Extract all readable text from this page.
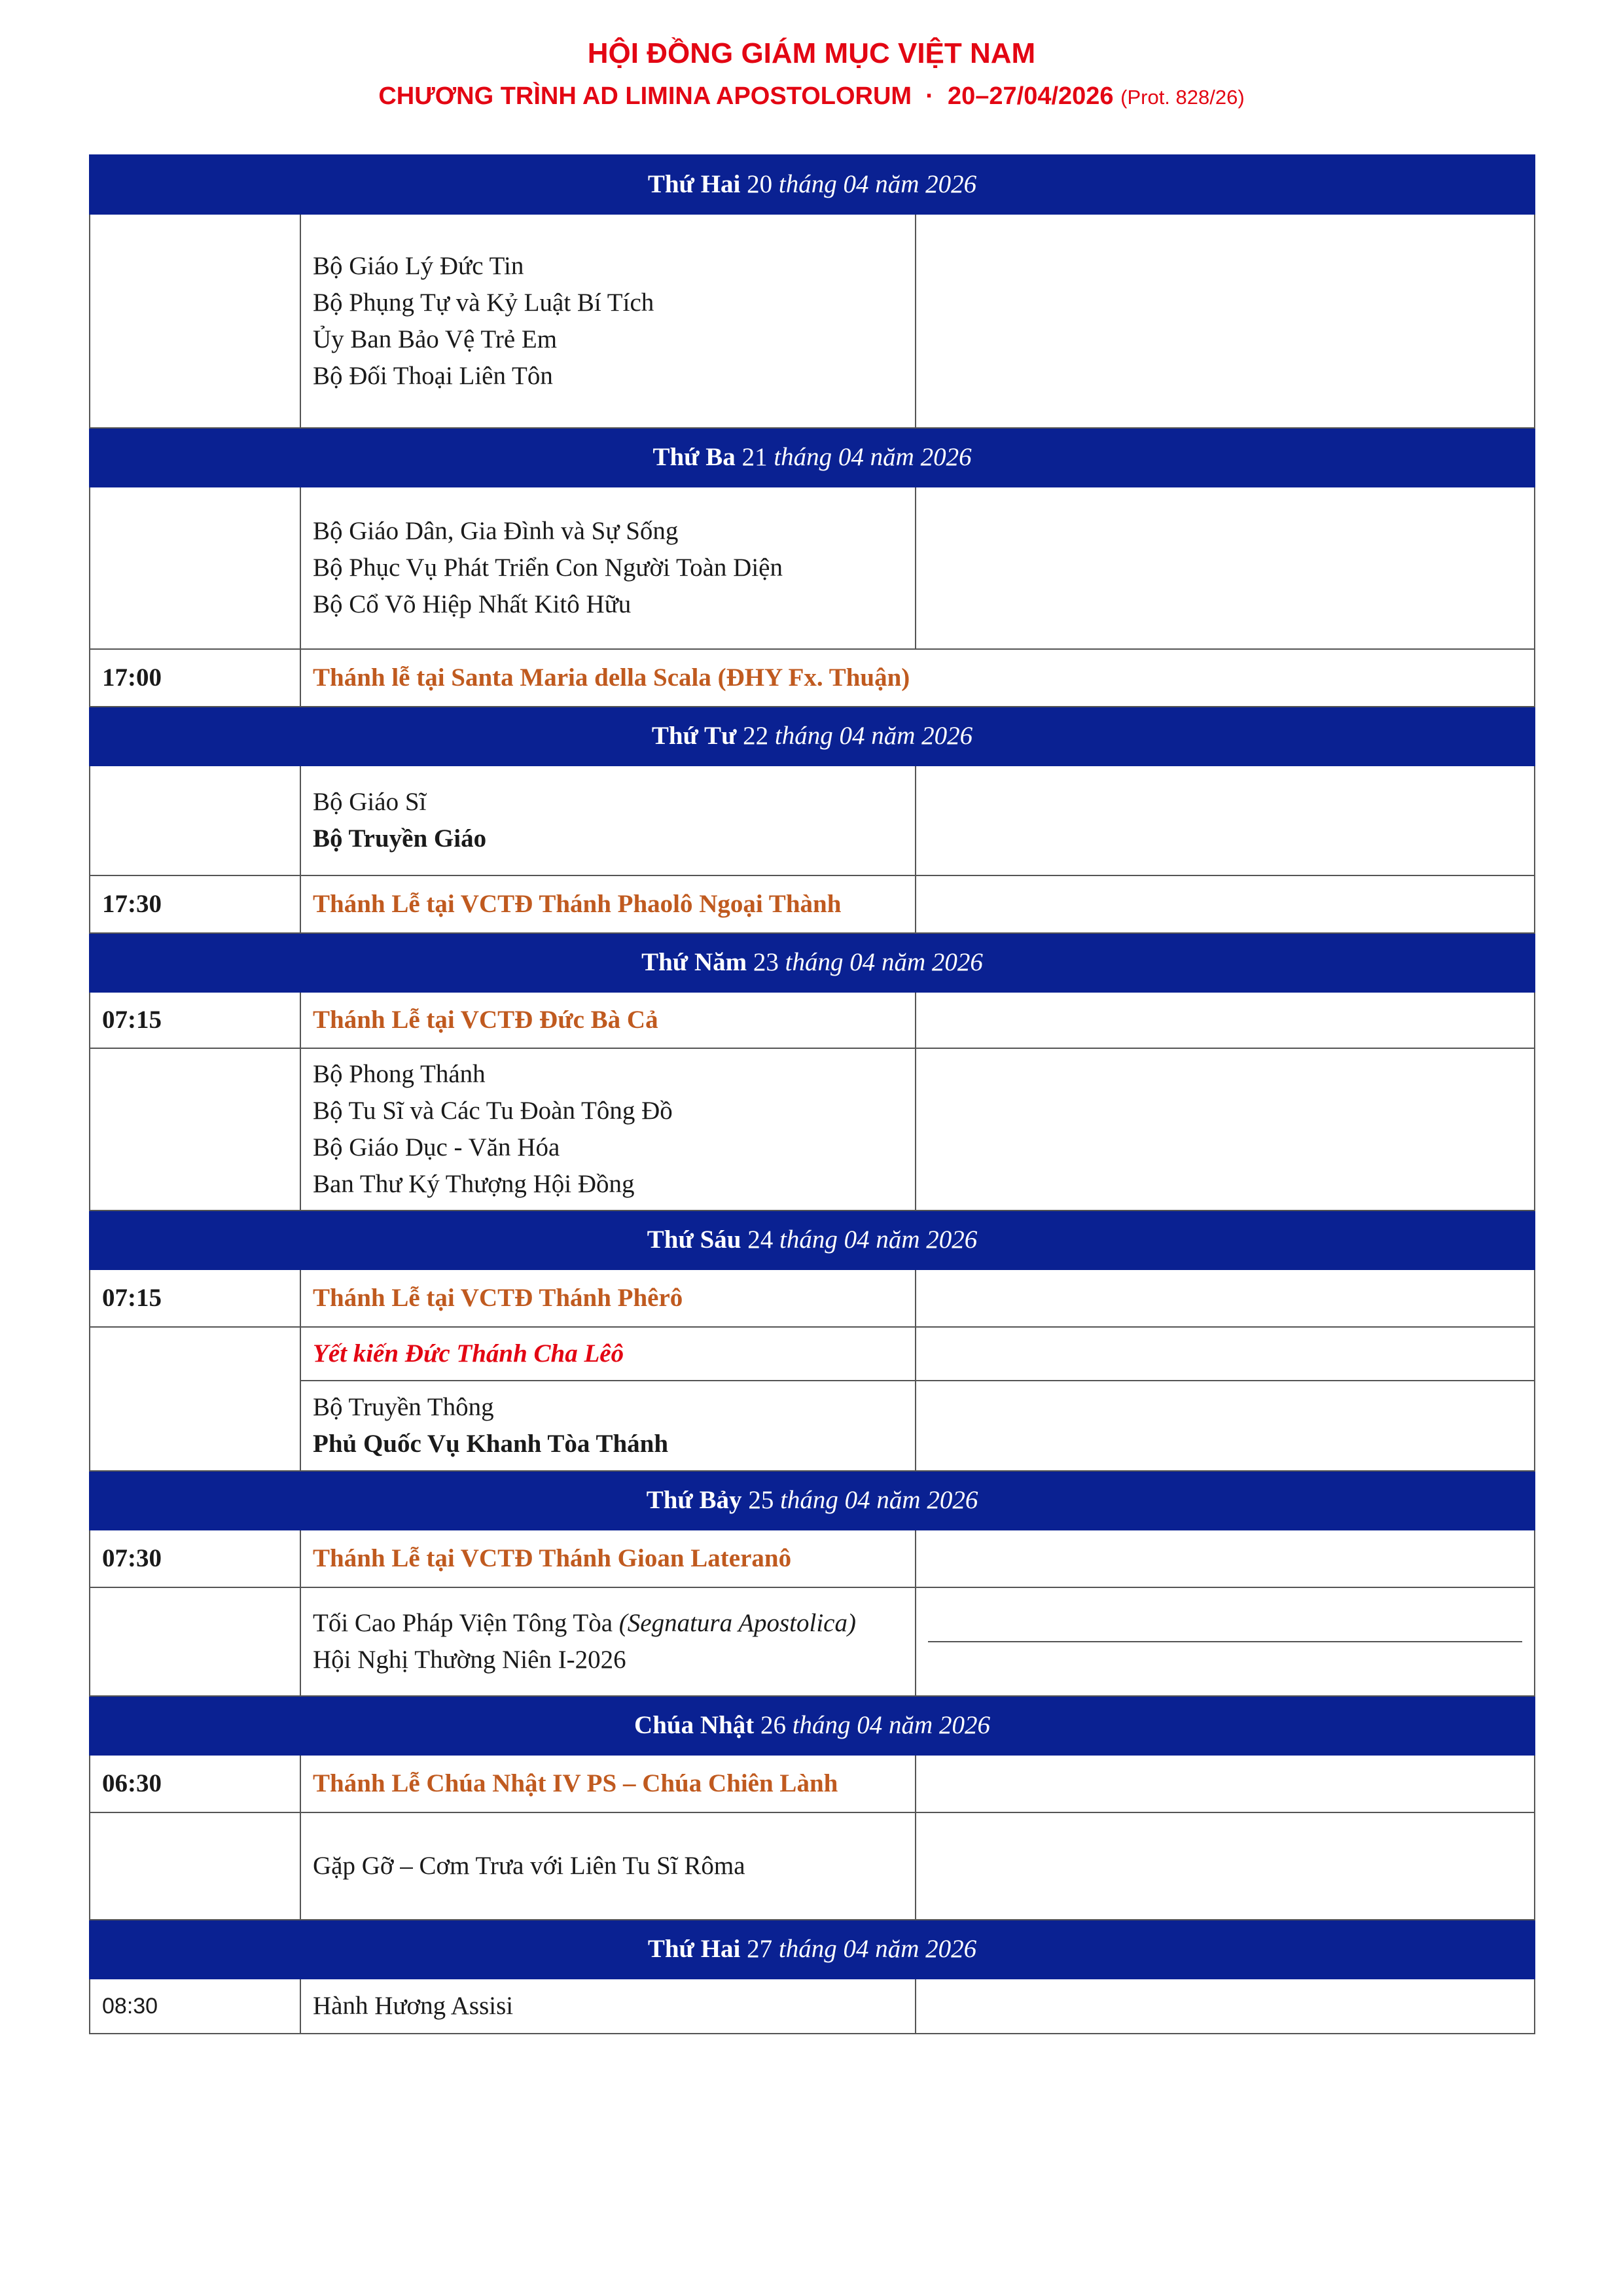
HỘI ĐỒNG GIÁM MỤC VIỆT NAM
CHƯƠNG TRÌNH AD LIMINA APOSTOLORUM  ·  20–27/04/2026 (Prot. 828/26)
Thứ Hai 20 tháng 04 năm 2026		

	Bộ Giáo Lý Đức Tin
Bộ Phụng Tự và Kỷ Luật Bí Tích
Ủy Ban Bảo Vệ Trẻ Em
Bộ Đối Thoại Liên Tôn	

Thứ Ba 21 tháng 04 năm 2026		

	Bộ Giáo Dân, Gia Đình và Sự Sống
Bộ Phục Vụ Phát Triển Con Người Toàn Diện
Bộ Cổ Võ Hiệp Nhất Kitô Hữu	

17:00	Thánh lễ tại Santa Maria della Scala (ĐHY Fx. Thuận)	
Thứ Tư 22 tháng 04 năm 2026		

	Bộ Giáo Sĩ
Bộ Truyền Giáo	

17:30	Thánh Lễ tại VCTĐ Thánh Phaolô Ngoại Thành	
Thứ Năm 23 tháng 04 năm 2026		
07:15	Thánh Lễ tại VCTĐ Đức Bà Cả	

	Bộ Phong Thánh
Bộ Tu Sĩ và Các Tu Đoàn Tông Đồ
Bộ Giáo Dục - Văn Hóa
Ban Thư Ký Thượng Hội Đồng	

Thứ Sáu 24 tháng 04 năm 2026		
07:15	Thánh Lễ tại VCTĐ Thánh Phêrô	
	Yết kiến Đức Thánh Cha Lêô	

	Bộ Truyền Thông
Phủ Quốc Vụ Khanh Tòa Thánh	

Thứ Bảy 25 tháng 04 năm 2026		
07:30	Thánh Lễ tại VCTĐ Thánh Gioan Lateranô	

	Tối Cao Pháp Viện Tông Tòa (Segnatura Apostolica)
Hội Nghị Thường Niên I-2026	

Chúa Nhật 26 tháng 04 năm 2026		
06:30	Thánh Lễ Chúa Nhật IV PS – Chúa Chiên Lành	
	Gặp Gỡ – Cơm Trưa với Liên Tu Sĩ Rôma	
Thứ Hai 27 tháng 04 năm 2026		
08:30	Hành Hương Assisi	
